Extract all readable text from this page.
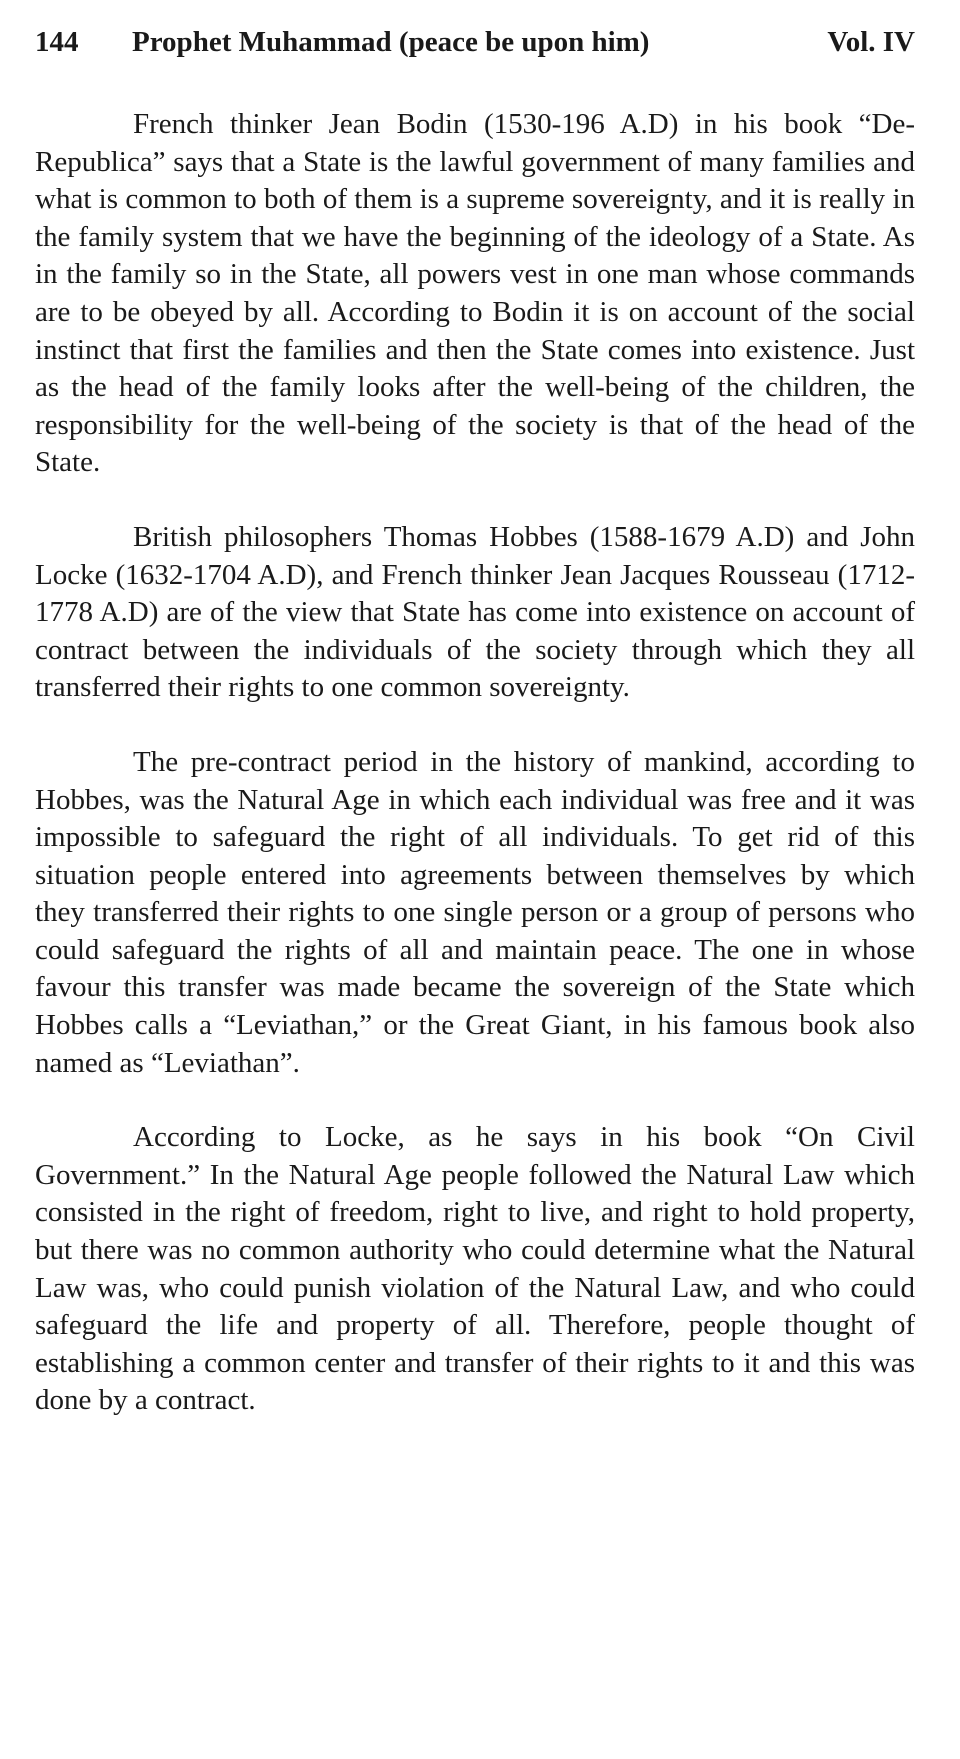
144	Prophet Muhammad (peace be upon him)	Vol. IV

French thinker Jean Bodin (1530-196 A.D) in his book “De-Republica” says that a State is the lawful government of many families and what is common to both of them is a supreme sovereignty, and it is really in the family system that we have the beginning of the ideology of a State. As in the family so in the State, all powers vest in one man whose commands are to be obeyed by all. According to Bodin it is on account of the social instinct that first the families and then the State comes into existence. Just as the head of the family looks after the well-being of the children, the responsibility for the well-being of the society is that of the head of the State.

British philosophers Thomas Hobbes (1588-1679 A.D) and John Locke (1632-1704 A.D), and French thinker Jean Jacques Rousseau (1712-1778 A.D) are of the view that State has come into existence on account of contract between the individuals of the society through which they all transferred their rights to one common sovereignty.

The pre-contract period in the history of mankind, according to Hobbes, was the Natural Age in which each individual was free and it was impossible to safeguard the right of all individuals. To get rid of this situation people entered into agreements between themselves by which they transferred their rights to one single person or a group of persons who could safeguard the rights of all and maintain peace. The one in whose favour this transfer was made became the sovereign of the State which Hobbes calls a “Leviathan,” or the Great Giant, in his famous book also named as “Leviathan”.

According to Locke, as he says in his book “On Civil Government.” In the Natural Age people followed the Natural Law which consisted in the right of freedom, right to live, and right to hold property, but there was no common authority who could determine what the Natural Law was, who could punish violation of the Natural Law, and who could safeguard the life and property of all. Therefore, people thought of establishing a common center and transfer of their rights to it and this was done by a contract.
